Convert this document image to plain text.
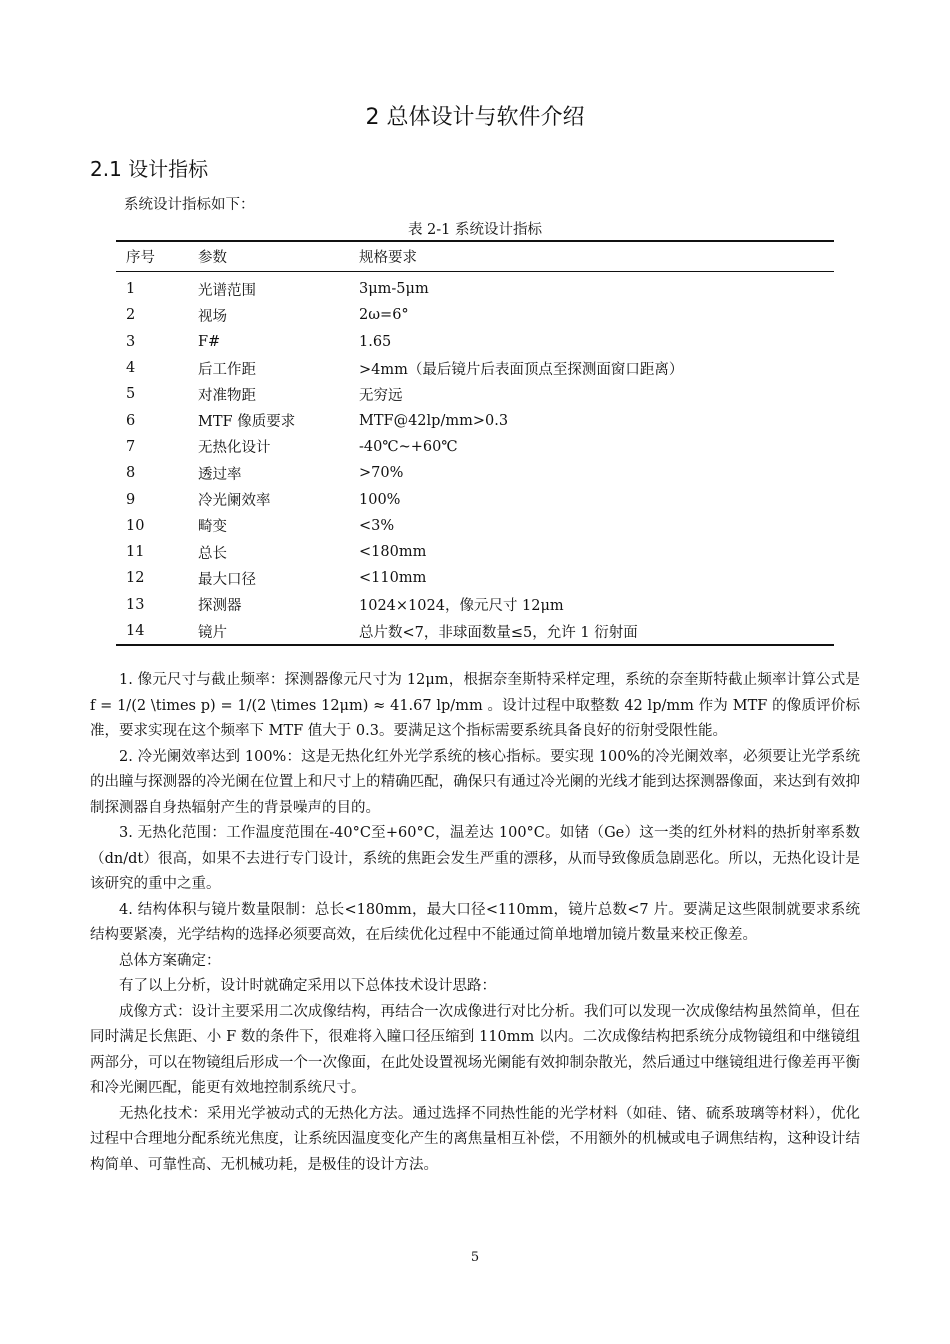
2 总体设计与软件介绍
2.1 设计指标
系统设计指标如下：
表 2-1 系统设计指标
序号	参数	规格要求
1	光谱范围	3μm-5μm
2	视场	2ω=6°
3	F#	1.65
4	后工作距	>4mm（最后镜片后表面顶点至探测面窗口距离）
5	对准物距	无穷远
6	MTF 像质要求	MTF@42lp/mm>0.3
7	无热化设计	-40℃~+60℃
8	透过率	>70%
9	冷光阑效率	100%
10	畸变	<3%
11	总长	<180mm
12	最大口径	<110mm
13	探测器	1024×1024，像元尺寸 12μm
14	镜片	总片数<7，非球面数量≤5，允许 1 衍射面

1. 像元尺寸与截止频率：探测器像元尺寸为 12μm，根据奈奎斯特采样定理，系统的奈奎斯特截止频率计算公式是 f = 1/(2 \times p) = 1/(2 \times 12μm) ≈ 41.67 lp/mm 。设计过程中取整数 42 lp/mm 作为 MTF 的像质评价标准，要求实现在这个频率下 MTF 值大于 0.3。要满足这个指标需要系统具备良好的衍射受限性能。

2. 冷光阑效率达到 100%：这是无热化红外光学系统的核心指标。要实现 100%的冷光阑效率，必须要让光学系统的出瞳与探测器的冷光阑在位置上和尺寸上的精确匹配，确保只有通过冷光阑的光线才能到达探测器像面，来达到有效抑制探测器自身热辐射产生的背景噪声的目的。

3. 无热化范围：工作温度范围在-40°C至+60°C，温差达 100°C。如锗（Ge）这一类的红外材料的热折射率系数（dn/dt）很高，如果不去进行专门设计，系统的焦距会发生严重的漂移，从而导致像质急剧恶化。所以，无热化设计是该研究的重中之重。

4. 结构体积与镜片数量限制：总长<180mm，最大口径<110mm，镜片总数<7 片。要满足这些限制就要求系统结构要紧凑，光学结构的选择必须要高效，在后续优化过程中不能通过简单地增加镜片数量来校正像差。

总体方案确定：

有了以上分析，设计时就确定采用以下总体技术设计思路：

成像方式：设计主要采用二次成像结构，再结合一次成像进行对比分析。我们可以发现一次成像结构虽然简单，但在同时满足长焦距、小 F 数的条件下，很难将入瞳口径压缩到 110mm 以内。二次成像结构把系统分成物镜组和中继镜组两部分，可以在物镜组后形成一个一次像面，在此处设置视场光阑能有效抑制杂散光，然后通过中继镜组进行像差再平衡和冷光阑匹配，能更有效地控制系统尺寸。

无热化技术：采用光学被动式的无热化方法。通过选择不同热性能的光学材料（如硅、锗、硫系玻璃等材料），优化过程中合理地分配系统光焦度，让系统因温度变化产生的离焦量相互补偿，不用额外的机械或电子调焦结构，这种设计结构简单、可靠性高、无机械功耗，是极佳的设计方法。

5
